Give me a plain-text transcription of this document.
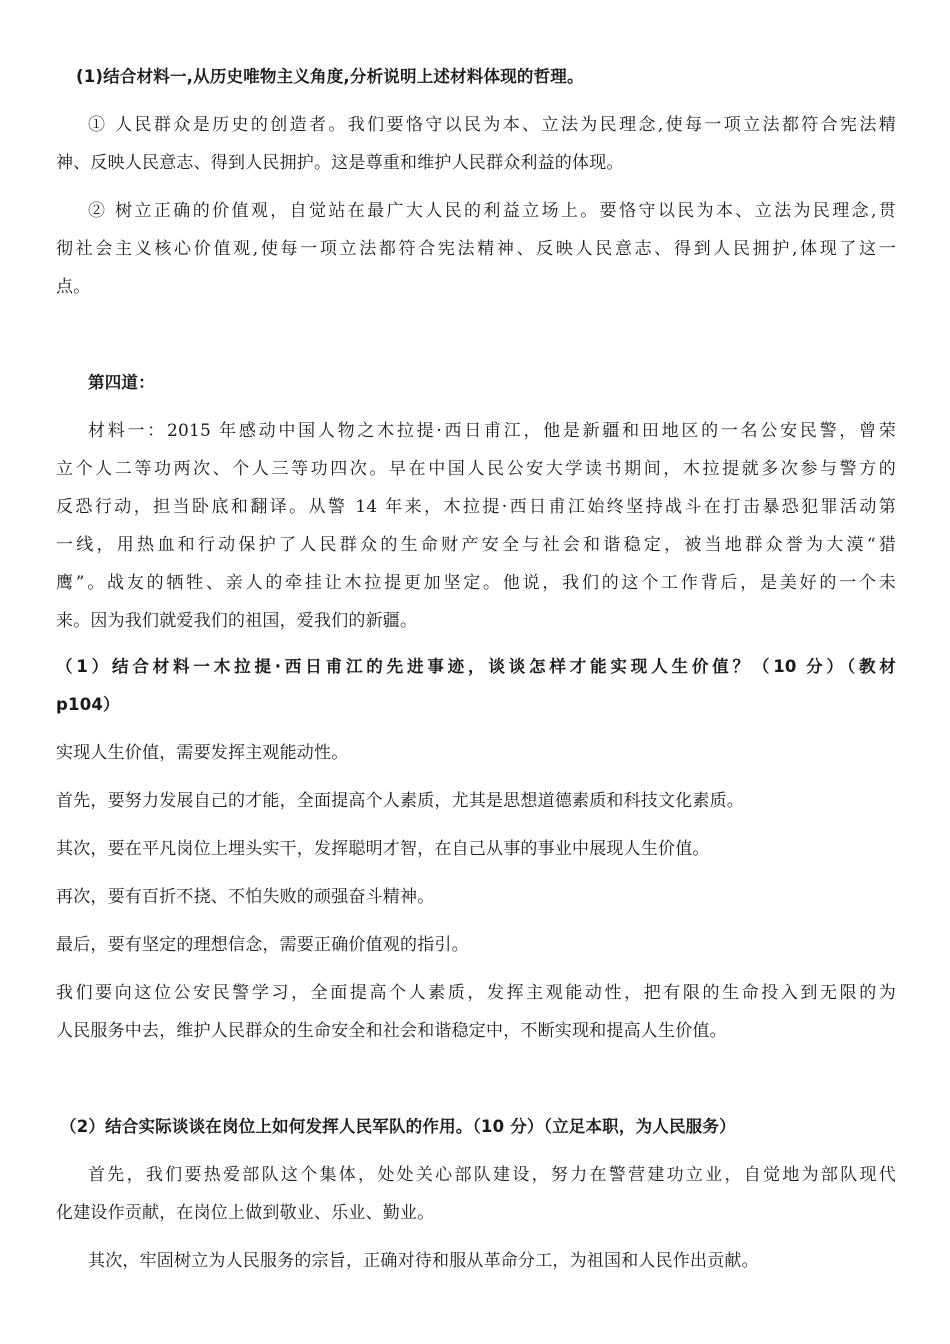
(1)结合材料一,从历史唯物主义角度,分析说明上述材料体现的哲理。
① 人民群众是历史的创造者。我们要恪守以民为本、立法为民理念,使每一项立法都符合宪法精
神、反映人民意志、得到人民拥护。这是尊重和维护人民群众利益的体现。
② 树立正确的价值观，自觉站在最广大人民的利益立场上。要恪守以民为本、立法为民理念,贯
彻社会主义核心价值观,使每一项立法都符合宪法精神、反映人民意志、得到人民拥护,体现了这一
点。
第四道：
材料一：2015 年感动中国人物之木拉提·西日甫江，他是新疆和田地区的一名公安民警，曾荣
立个人二等功两次、个人三等功四次。早在中国人民公安大学读书期间，木拉提就多次参与警方的
反恐行动，担当卧底和翻译。从警 14 年来，木拉提·西日甫江始终坚持战斗在打击暴恐犯罪活动第
一线，用热血和行动保护了人民群众的生命财产安全与社会和谐稳定，被当地群众誉为大漠“猎
鹰”。战友的牺牲、亲人的牵挂让木拉提更加坚定。他说，我们的这个工作背后，是美好的一个未
来。因为我们就爱我们的祖国，爱我们的新疆。
（1）结合材料一木拉提·西日甫江的先进事迹，谈谈怎样才能实现人生价值？（10 分）（教材
p104）
实现人生价值，需要发挥主观能动性。
首先，要努力发展自己的才能，全面提高个人素质，尤其是思想道德素质和科技文化素质。
其次，要在平凡岗位上埋头实干，发挥聪明才智，在自己从事的事业中展现人生价值。
再次，要有百折不挠、不怕失败的顽强奋斗精神。
最后，要有坚定的理想信念，需要正确价值观的指引。
我们要向这位公安民警学习，全面提高个人素质，发挥主观能动性，把有限的生命投入到无限的为
人民服务中去，维护人民群众的生命安全和社会和谐稳定中，不断实现和提高人生价值。
（2）结合实际谈谈在岗位上如何发挥人民军队的作用。（10 分）（立足本职，为人民服务）
首先，我们要热爱部队这个集体，处处关心部队建设，努力在警营建功立业，自觉地为部队现代
化建设作贡献，在岗位上做到敬业、乐业、勤业。
其次，牢固树立为人民服务的宗旨，正确对待和服从革命分工，为祖国和人民作出贡献。
